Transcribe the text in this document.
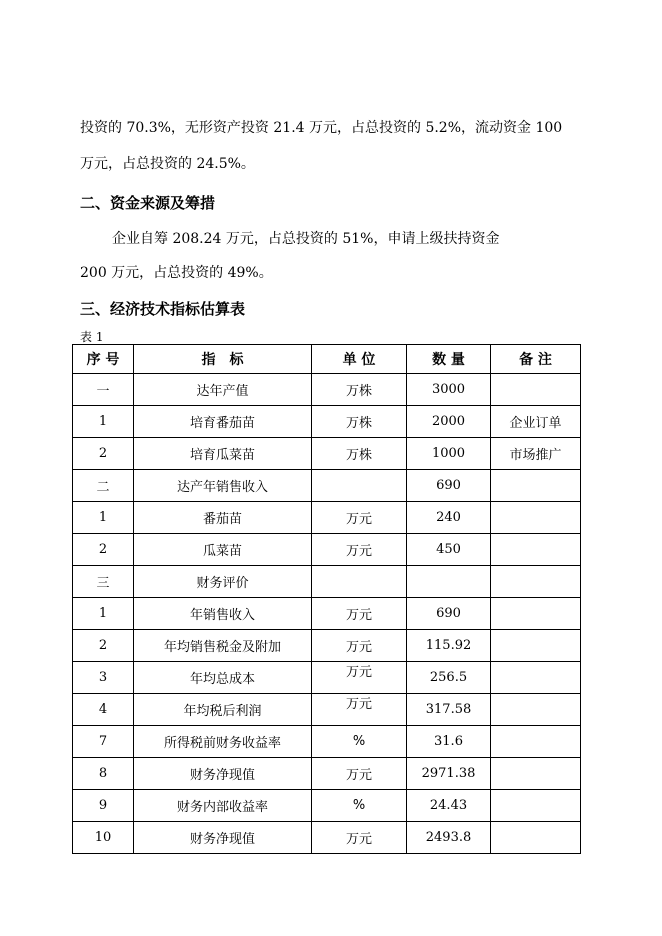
投资的 70.3%，无形资产投资 21.4 万元，占总投资的 5.2%，流动资金 100
万元，占总投资的 24.5%。
二、资金来源及筹措
企业自筹 208.24 万元，占总投资的 51%，申请上级扶持资金
200 万元，占总投资的 49%。
三、经济技术指标估算表
表 1
序 号	指　标	单 位	数 量	备 注
一	达年产值	万株	3000	
1	培育番茄苗	万株	2000	企业订单
2	培育瓜菜苗	万株	1000	市场推广
二	达产年销售收入		690	
1	番茄苗	万元	240	
2	瓜菜苗	万元	450	
三	财务评价			
1	年销售收入	万元	690	
2	年均销售税金及附加	万元	115.92	
3	年均总成本	万元	256.5	
4	年均税后利润	万元	317.58	
7	所得税前财务收益率	%	31.6	
8	财务净现值	万元	2971.38	
9	财务内部收益率	%	24.43	
10	财务净现值	万元	2493.8	
